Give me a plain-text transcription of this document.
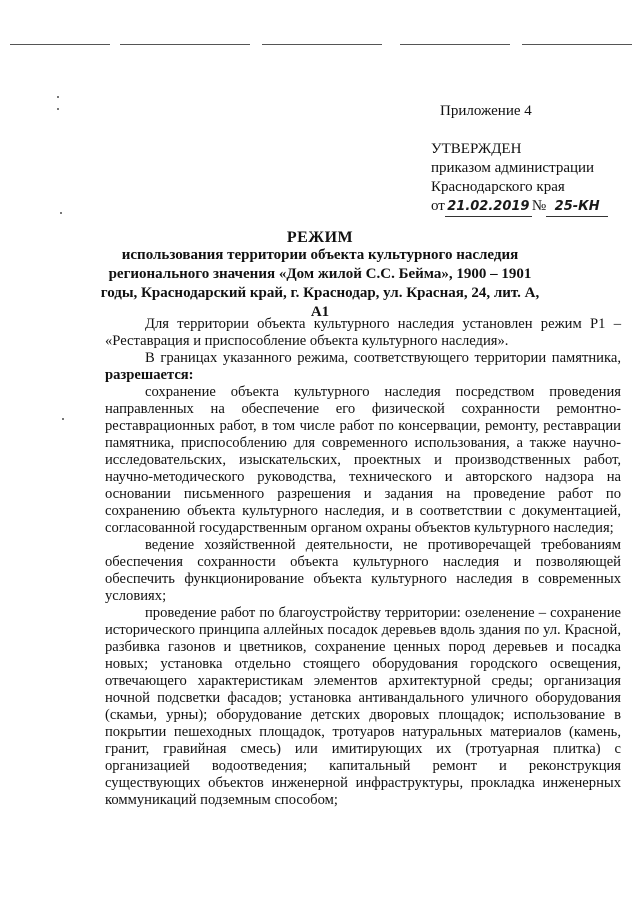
Приложение 4
УТВЕРЖДЕН
приказом администрации
Краснодарского края
от 21.02.2019 № 25-КН
РЕЖИМ
использования территории объекта культурного наследия регионального значения «Дом жилой С.С. Бейма», 1900 – 1901 годы, Краснодарский край, г. Краснодар, ул. Красная, 24, лит. А, А1

Для территории объекта культурного наследия установлен режим Р1 – «Реставрация и приспособление объекта культурного наследия».

В границах указанного режима, соответствующего территории памятника, разрешается:

сохранение объекта культурного наследия посредством проведения направленных на обеспечение его физической сохранности ремонтно-реставрационных работ, в том числе работ по консервации, ремонту, реставрации памятника, приспособлению для современного использования, а также научно-исследовательских, изыскательских, проектных и производственных работ, научно-методического руководства, технического и авторского надзора на основании письменного разрешения и задания на проведение работ по сохранению объекта культурного наследия, и в соответствии с документацией, согласованной государственным органом охраны объектов культурного наследия;

ведение хозяйственной деятельности, не противоречащей требованиям обеспечения сохранности объекта культурного наследия и позволяющей обеспечить функционирование объекта культурного наследия в современных условиях;

проведение работ по благоустройству территории: озеленение – сохранение исторического принципа аллейных посадок деревьев вдоль здания по ул. Красной, разбивка газонов и цветников, сохранение ценных пород деревьев и посадка новых; установка отдельно стоящего оборудования городского освещения, отвечающего характеристикам элементов архитектурной среды; организация ночной подсветки фасадов; установка антивандального уличного оборудования (скамьи, урны); оборудование детских дворовых площадок; использование в покрытии пешеходных площадок, тротуаров натуральных материалов (камень, гранит, гравийная смесь) или имитирующих их (тротуарная плитка) с организацией водоотведения; капитальный ремонт и реконструкция существующих объектов инженерной инфраструктуры, прокладка инженерных коммуникаций подземным способом;
